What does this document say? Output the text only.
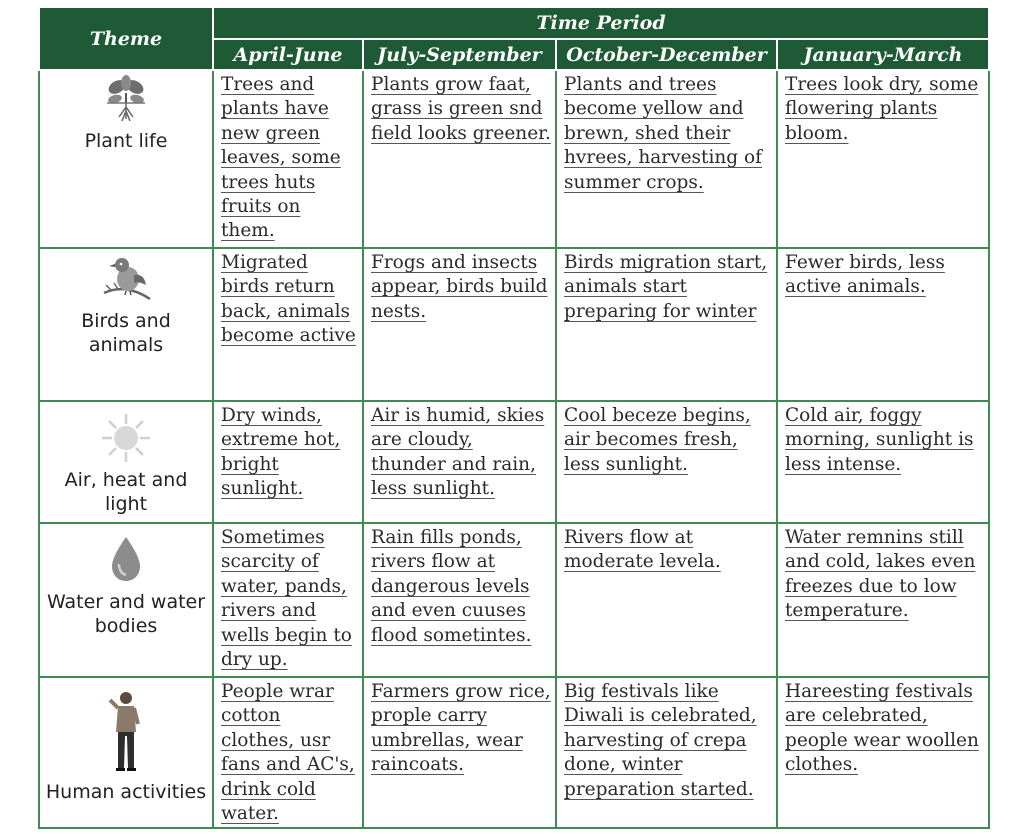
Theme	Time Period			
	April-June	July-September	October-December	January-March

Plant life	Trees and plants have new green leaves, some trees huts fruits on them.	Plants grow faat, grass is green snd field looks greener.	Plants and trees become yellow and brewn, shed their hvrees, harvesting of summer crops.	Trees look dry, some flowering plants bloom.

Birds and animals	Migrated birds return back, animals become active	Frogs and insects appear, birds build nests.	Birds migration start, animals start preparing for winter	Fewer birds, less active animals.

Air, heat and light	Dry winds, extreme hot, bright sunlight.	Air is humid, skies are cloudy, thunder and rain, less sunlight.	Cool beceze begins, air becomes fresh, less sunlight.	Cold air, foggy morning, sunlight is less intense.

Water and water bodies	Sometimes scarcity of water, pands, rivers and wells begin to dry up.	Rain fills ponds, rivers flow at dangerous levels and even cuuses flood sometintes.	Rivers flow at moderate levela.	Water remnins still and cold, lakes even freezes due to low temperature.

Human activities	People wrar cotton clothes, usr fans and AC's, drink cold water.	Farmers grow rice, prople carry umbrellas, wear raincoats.	Big festivals like Diwali is celebrated, harvesting of crepa done, winter preparation started.	Hareesting festivals are celebrated, people wear woollen clothes.
